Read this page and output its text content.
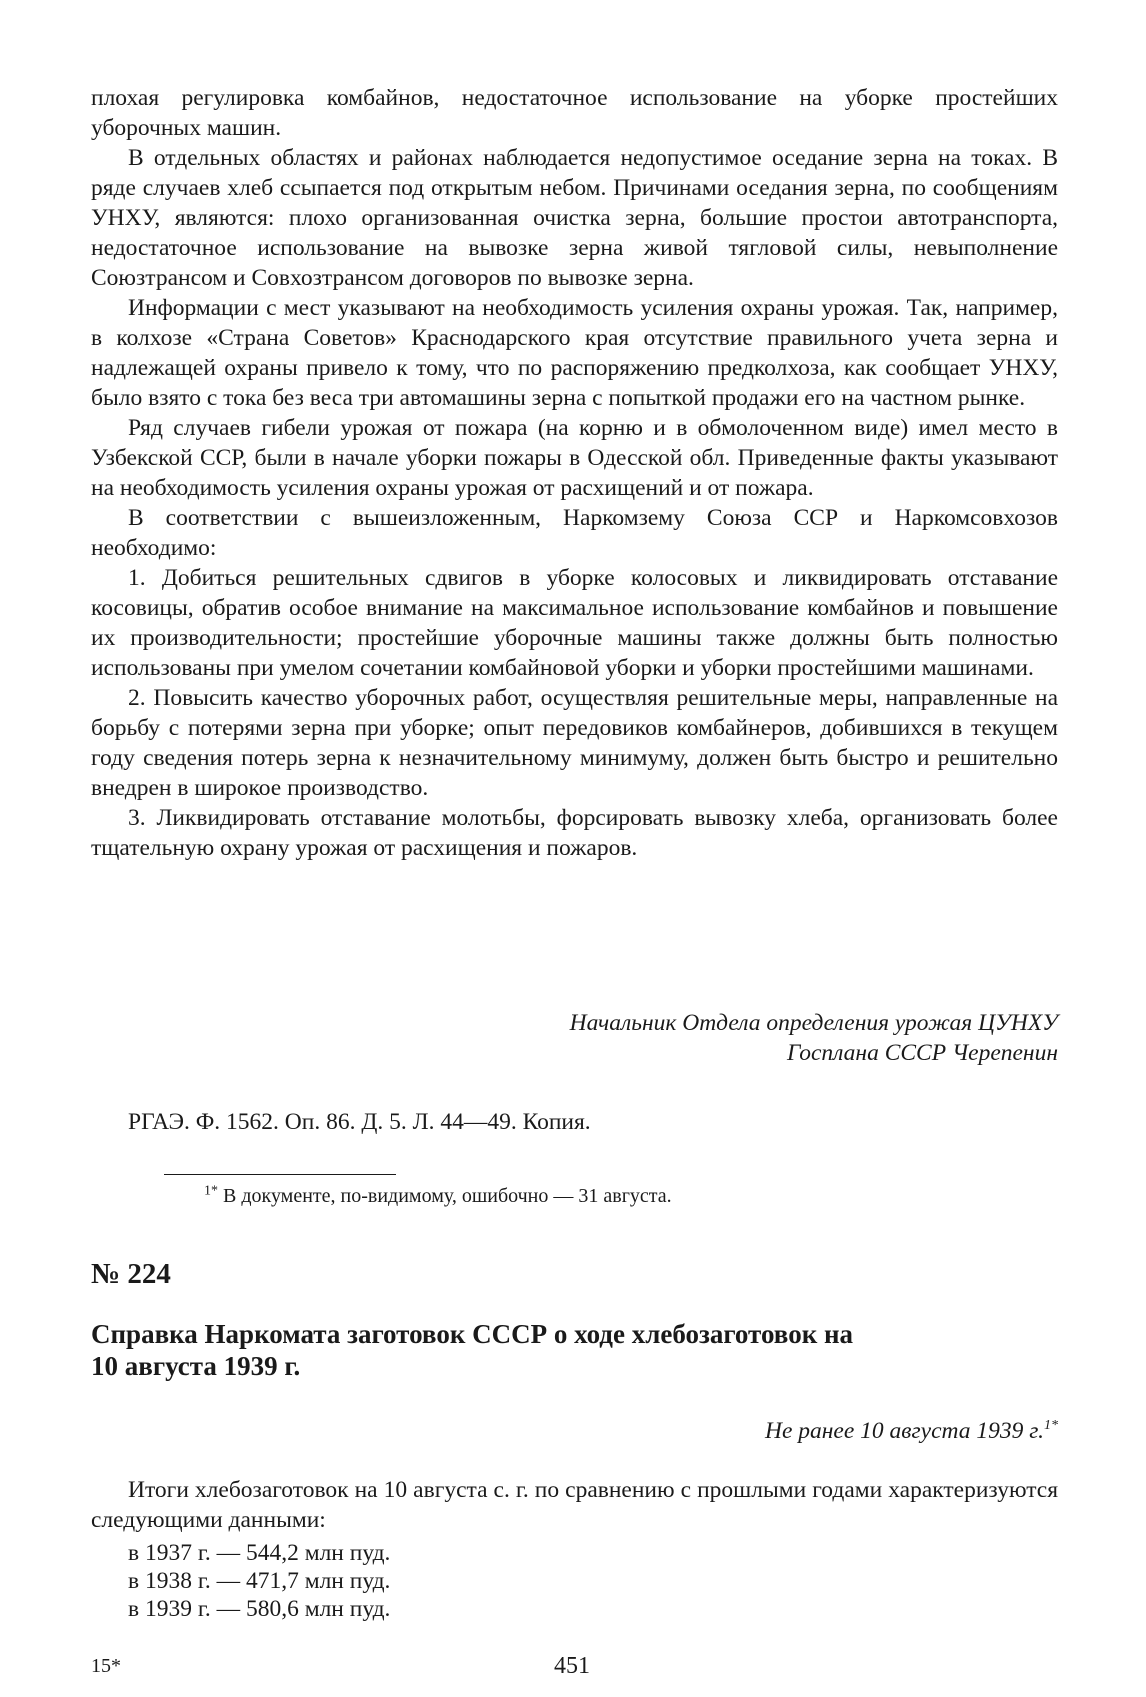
плохая регулировка комбайнов, недостаточное использование на уборке простейших уборочных машин.

В отдельных областях и районах наблюдается недопустимое оседание зерна на токах. В ряде случаев хлеб ссыпается под открытым небом. Причинами оседания зерна, по сообщениям УНХУ, являются: плохо организованная очистка зерна, большие простои автотранспорта, недостаточное использование на вывозке зерна живой тягловой силы, невыполнение Союзтрансом и Совхозтрансом договоров по вывозке зерна.

Информации с мест указывают на необходимость усиления охраны урожая. Так, например, в колхозе «Страна Советов» Краснодарского края отсутствие правильного учета зерна и надлежащей охраны привело к тому, что по распоряжению предколхоза, как сообщает УНХУ, было взято с тока без веса три автомашины зерна с попыткой продажи его на частном рынке.

Ряд случаев гибели урожая от пожара (на корню и в обмолоченном виде) имел место в Узбекской ССР, были в начале уборки пожары в Одесской обл. Приведенные факты указывают на необходимость усиления охраны урожая от расхищений и от пожара.

В соответствии с вышеизложенным, Наркомзему Союза ССР и Наркомсовхозов необходимо:

1. Добиться решительных сдвигов в уборке колосовых и ликвидировать отставание косовицы, обратив особое внимание на максимальное использование комбайнов и повышение их производительности; простейшие уборочные машины также должны быть полностью использованы при умелом сочетании комбайновой уборки и уборки простейшими машинами.

2. Повысить качество уборочных работ, осуществляя решительные меры, направленные на борьбу с потерями зерна при уборке; опыт передовиков комбайнеров, добившихся в текущем году сведения потерь зерна к незначительному минимуму, должен быть быстро и решительно внедрен в широкое производство.

3. Ликвидировать отставание молотьбы, форсировать вывозку хлеба, организовать более тщательную охрану урожая от расхищения и пожаров.

Начальник Отдела определения урожая ЦУНХУ
Госплана СССР Черепенин
РГАЭ. Ф. 1562. Оп. 86. Д. 5. Л. 44—49. Копия.
$^{1*}$ В документе, по-видимому, ошибочно — 31 августа.
№ 224
Справка Наркомата заготовок СССР о ходе хлебозаготовок на
10 августа 1939 г.
Не ранее 10 августа 1939 г.$^{1*}$

Итоги хлебозаготовок на 10 августа с. г. по сравнению с прошлыми годами характеризуются следующими данными:

в 1937 г. — 544,2 млн пуд.
в 1938 г. — 471,7 млн пуд.
в 1939 г. — 580,6 млн пуд.
15*	451
